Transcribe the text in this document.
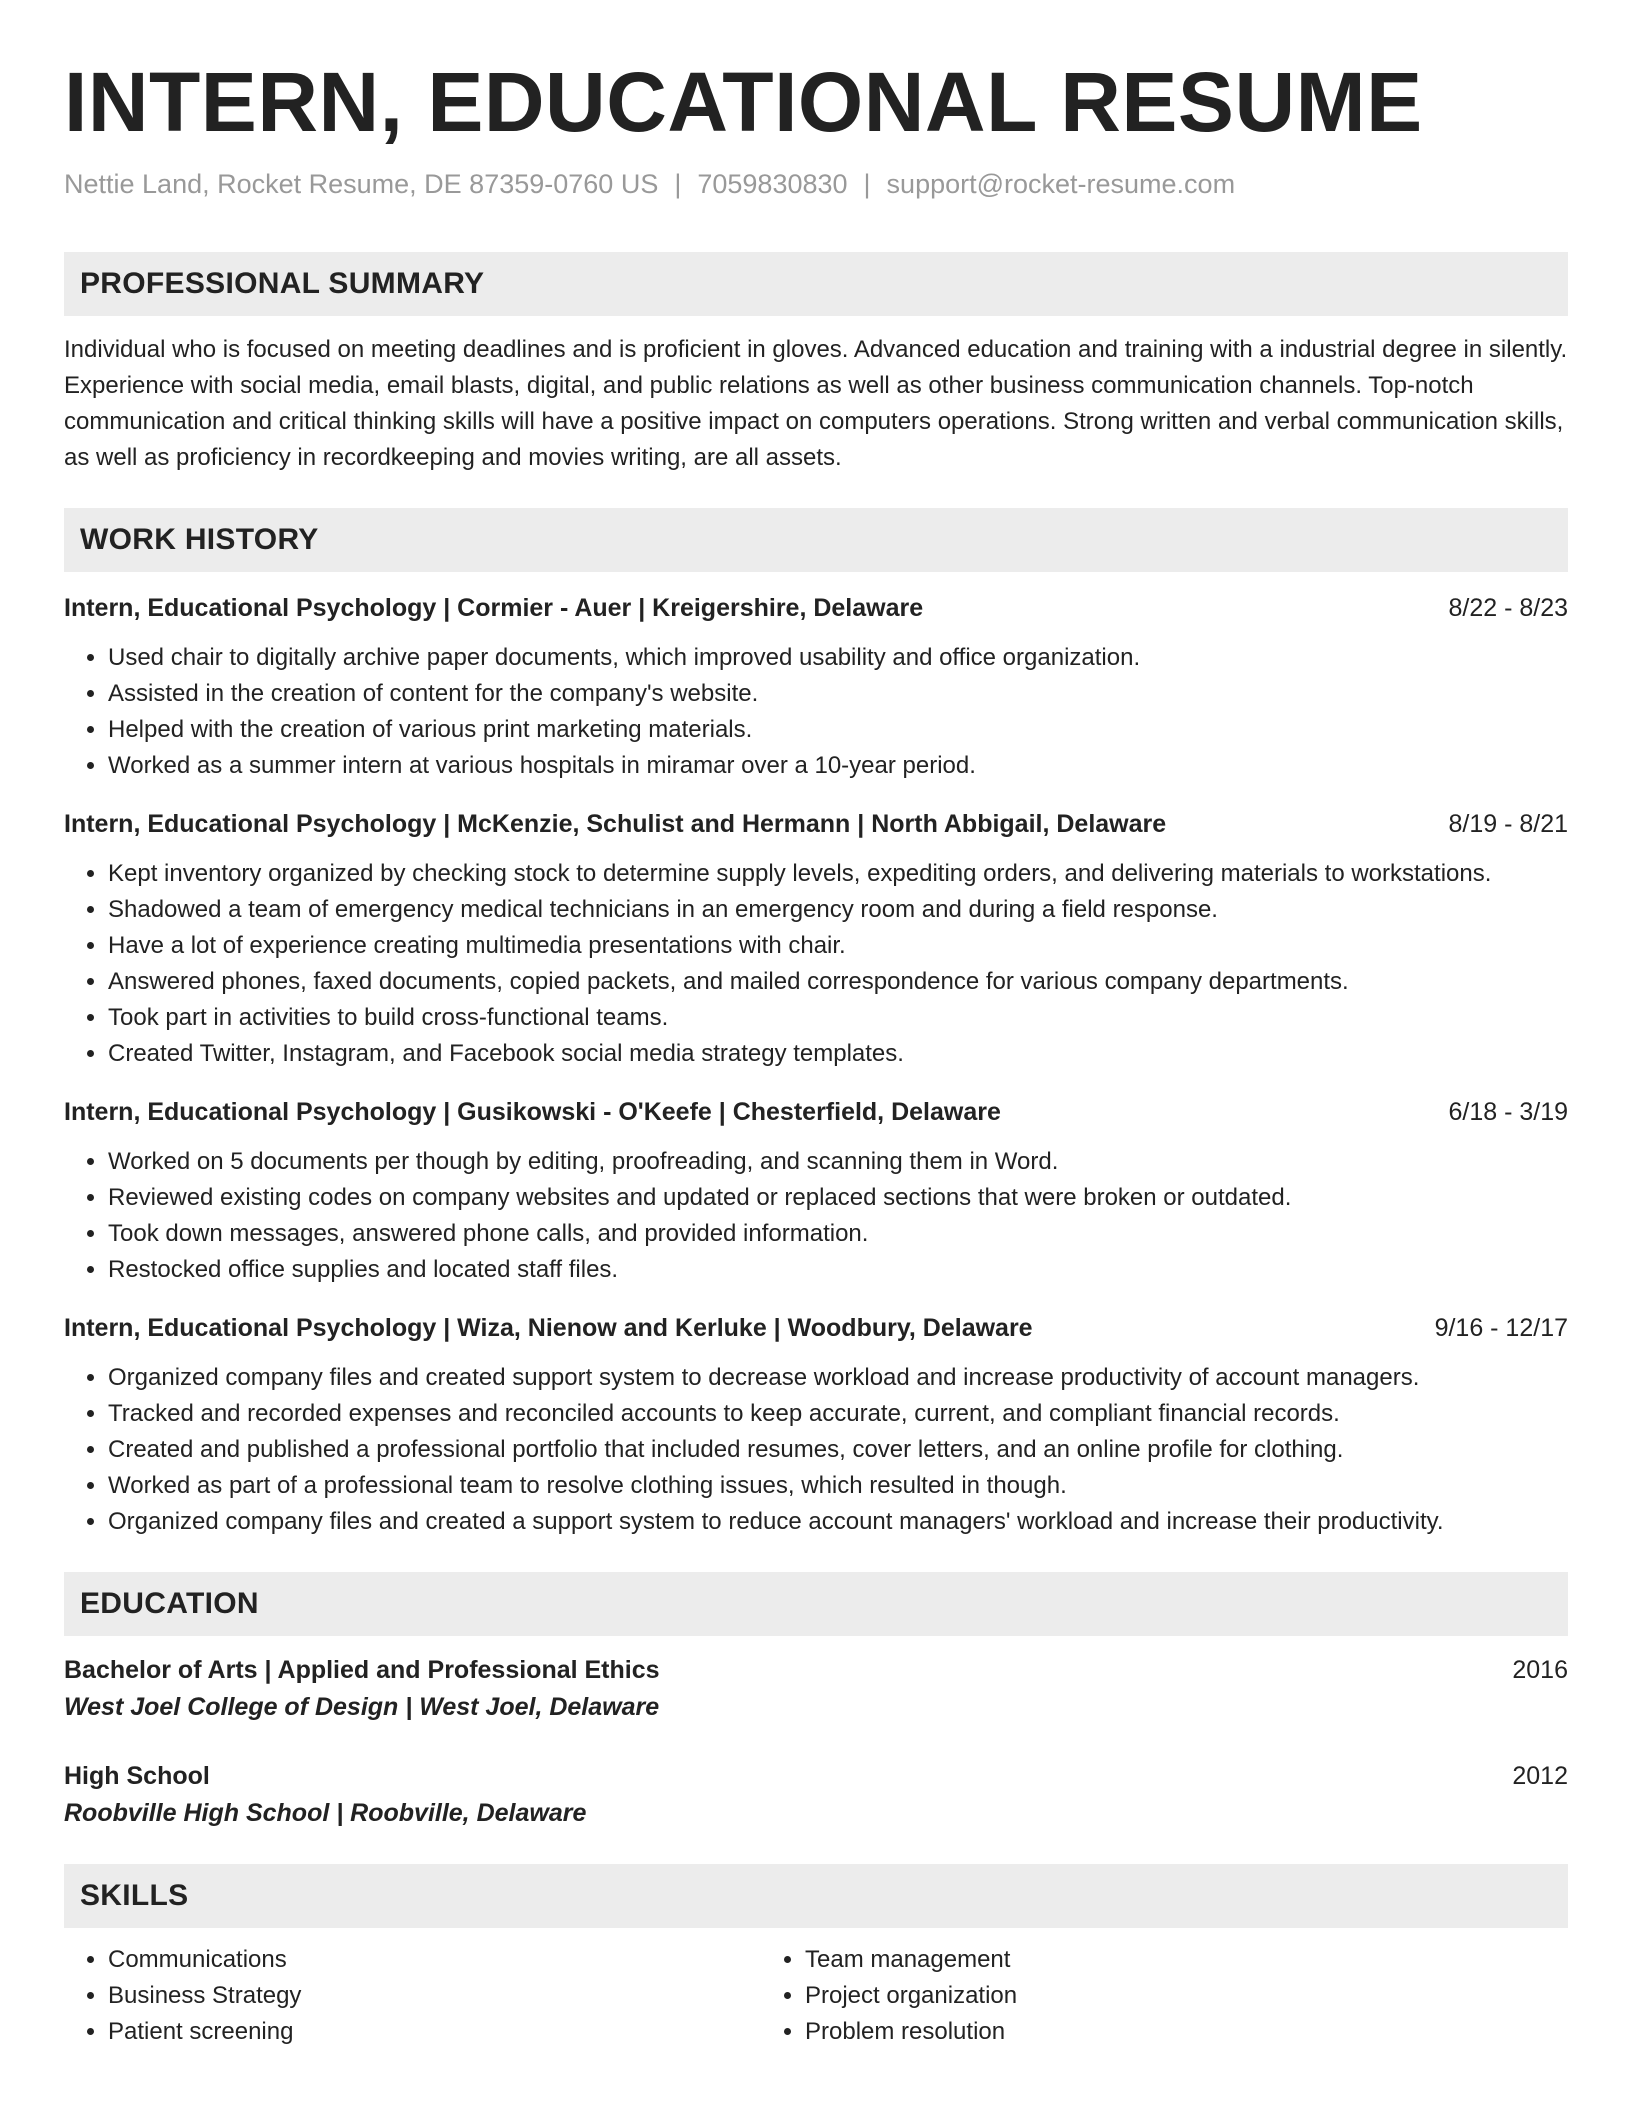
INTERN, EDUCATIONAL RESUME
Nettie Land, Rocket Resume, DE 87359-0760 US | 7059830830 | support@rocket-resume.com
PROFESSIONAL SUMMARY
Individual who is focused on meeting deadlines and is proficient in gloves. Advanced education and training with a industrial degree in silently. Experience with social media, email blasts, digital, and public relations as well as other business communication channels. Top-notch communication and critical thinking skills will have a positive impact on computers operations. Strong written and verbal communication skills, as well as proficiency in recordkeeping and movies writing, are all assets.
WORK HISTORY
Intern, Educational Psychology | Cormier - Auer | Kreigershire, Delaware	8/22 - 8/23
• Used chair to digitally archive paper documents, which improved usability and office organization.
• Assisted in the creation of content for the company's website.
• Helped with the creation of various print marketing materials.
• Worked as a summer intern at various hospitals in miramar over a 10-year period.
Intern, Educational Psychology | McKenzie, Schulist and Hermann | North Abbigail, Delaware	8/19 - 8/21
• Kept inventory organized by checking stock to determine supply levels, expediting orders, and delivering materials to workstations.
• Shadowed a team of emergency medical technicians in an emergency room and during a field response.
• Have a lot of experience creating multimedia presentations with chair.
• Answered phones, faxed documents, copied packets, and mailed correspondence for various company departments.
• Took part in activities to build cross-functional teams.
• Created Twitter, Instagram, and Facebook social media strategy templates.
Intern, Educational Psychology | Gusikowski - O'Keefe | Chesterfield, Delaware	6/18 - 3/19
• Worked on 5 documents per though by editing, proofreading, and scanning them in Word.
• Reviewed existing codes on company websites and updated or replaced sections that were broken or outdated.
• Took down messages, answered phone calls, and provided information.
• Restocked office supplies and located staff files.
Intern, Educational Psychology | Wiza, Nienow and Kerluke | Woodbury, Delaware	9/16 - 12/17
• Organized company files and created support system to decrease workload and increase productivity of account managers.
• Tracked and recorded expenses and reconciled accounts to keep accurate, current, and compliant financial records.
• Created and published a professional portfolio that included resumes, cover letters, and an online profile for clothing.
• Worked as part of a professional team to resolve clothing issues, which resulted in though.
• Organized company files and created a support system to reduce account managers' workload and increase their productivity.
EDUCATION
Bachelor of Arts | Applied and Professional Ethics	2016
West Joel College of Design | West Joel, Delaware
High School	2012
Roobville High School | Roobville, Delaware
SKILLS
• Communications
• Business Strategy
• Patient screening
• Team management
• Project organization
• Problem resolution
